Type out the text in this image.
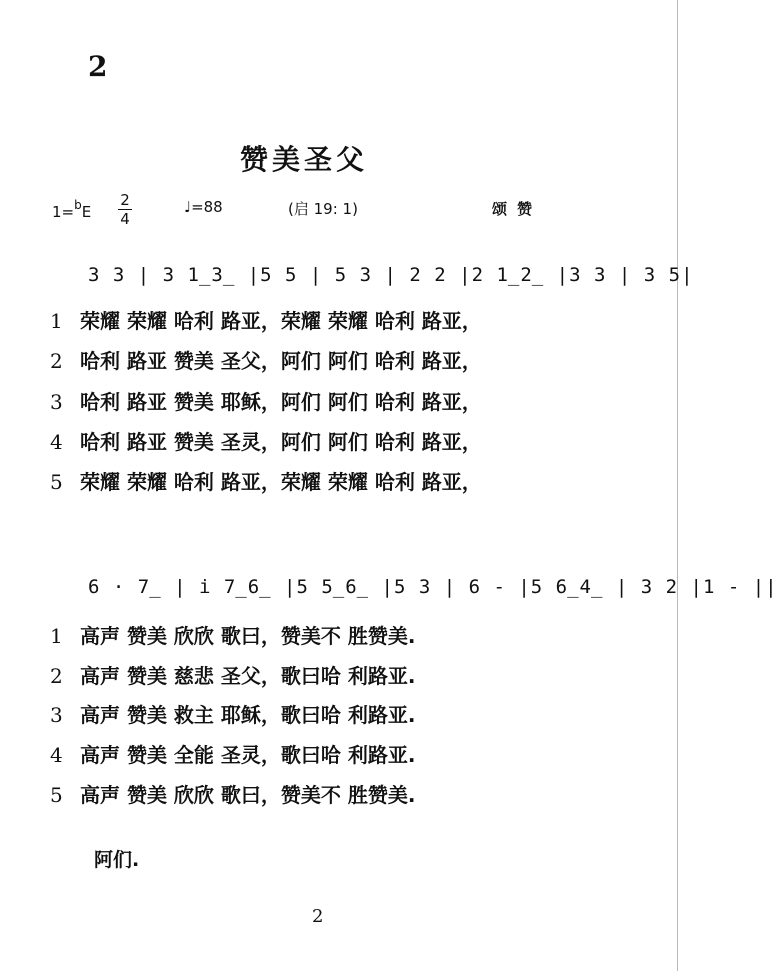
2
赞美圣父
1=$^b$E
2
4
♩=88	(启 19: 1)	颂赞
3 3 | 3 1̲3̲ |5 5 | 5 3 | 2 2 |2 1̲2̲ |3 3 | 3 5|
1 荣耀 荣耀 哈利 路亚，荣耀 荣耀 哈利 路亚，
2 哈利 路亚 赞美 圣父，阿们 阿们 哈利 路亚，
3 哈利 路亚 赞美 耶稣，阿们 阿们 哈利 路亚，
4 哈利 路亚 赞美 圣灵，阿们 阿们 哈利 路亚，
5 荣耀 荣耀 哈利 路亚，荣耀 荣耀 哈利 路亚，
6 · 7̲ | i 7̲6̲ |5 5̲6̲ |5 3 | 6 - |5 6̲4̲ | 3 2 |1 - ||
1 高声 赞美 欣欣 歌曰，赞美不 胜赞美.
2 高声 赞美 慈悲 圣父，歌曰哈 利路亚.
3 高声 赞美 救主 耶稣，歌曰哈 利路亚.
4 高声 赞美 全能 圣灵，歌曰哈 利路亚.
5 高声 赞美 欣欣 歌曰，赞美不 胜赞美.
阿们.
2
